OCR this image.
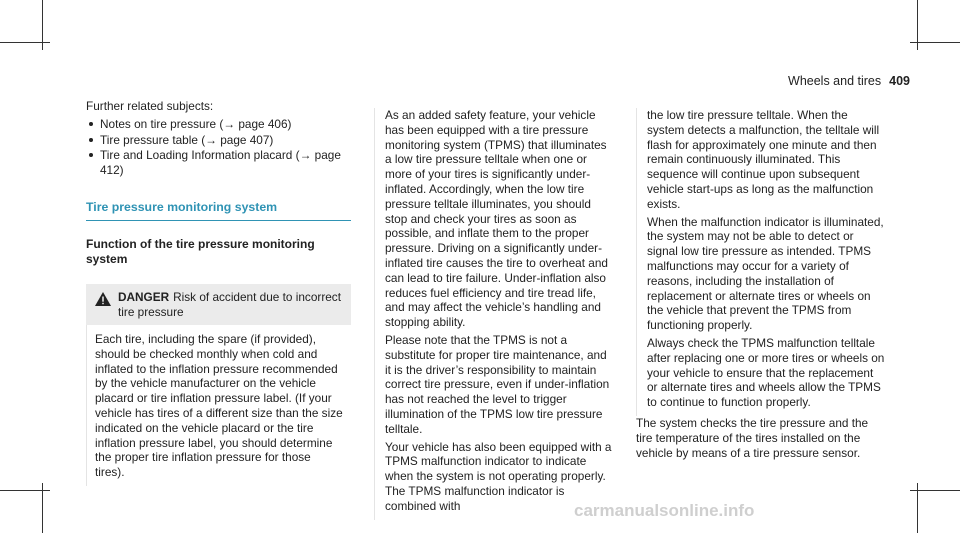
Wheels and tires 409

Further related subjects:

Notes on tire pressure (→ page 406)
Tire pressure table (→ page 407)
Tire and Loading Information placard (→ page 412)
Tire pressure monitoring system
Function of the tire pressure monitoring system
DANGER Risk of accident due to incorrect tire pressure

Each tire, including the spare (if provided), should be checked monthly when cold and inflated to the inflation pressure recommended by the vehicle manufacturer on the vehicle placard or tire inflation pressure label. (If your vehicle has tires of a different size than the size indicated on the vehicle placard or the tire inflation pressure label, you should determine the proper tire inflation pressure for those tires).

As an added safety feature, your vehicle has been equipped with a tire pressure monitoring system (TPMS) that illuminates a low tire pressure telltale when one or more of your tires is significantly under-inflated. Accordingly, when the low tire pressure telltale illuminates, you should stop and check your tires as soon as possible, and inflate them to the proper pressure. Driving on a significantly under-inflated tire causes the tire to overheat and can lead to tire failure. Under-inflation also reduces fuel efficiency and tire tread life, and may affect the vehicle’s handling and stopping ability.

Please note that the TPMS is not a substitute for proper tire maintenance, and it is the driver’s responsibility to maintain correct tire pressure, even if under-inflation has not reached the level to trigger illumination of the TPMS low tire pressure telltale.

Your vehicle has also been equipped with a TPMS malfunction indicator to indicate when the system is not operating properly. The TPMS malfunction indicator is combined with

the low tire pressure telltale. When the system detects a malfunction, the telltale will flash for approximately one minute and then remain continuously illuminated. This sequence will continue upon subsequent vehicle start-ups as long as the malfunction exists.

When the malfunction indicator is illuminated, the system may not be able to detect or signal low tire pressure as intended. TPMS malfunctions may occur for a variety of reasons, including the installation of replacement or alternate tires or wheels on the vehicle that prevent the TPMS from functioning properly.

Always check the TPMS malfunction telltale after replacing one or more tires or wheels on your vehicle to ensure that the replacement or alternate tires and wheels allow the TPMS to continue to function properly.

The system checks the tire pressure and the tire temperature of the tires installed on the vehicle by means of a tire pressure sensor.

carmanualsonline.info
